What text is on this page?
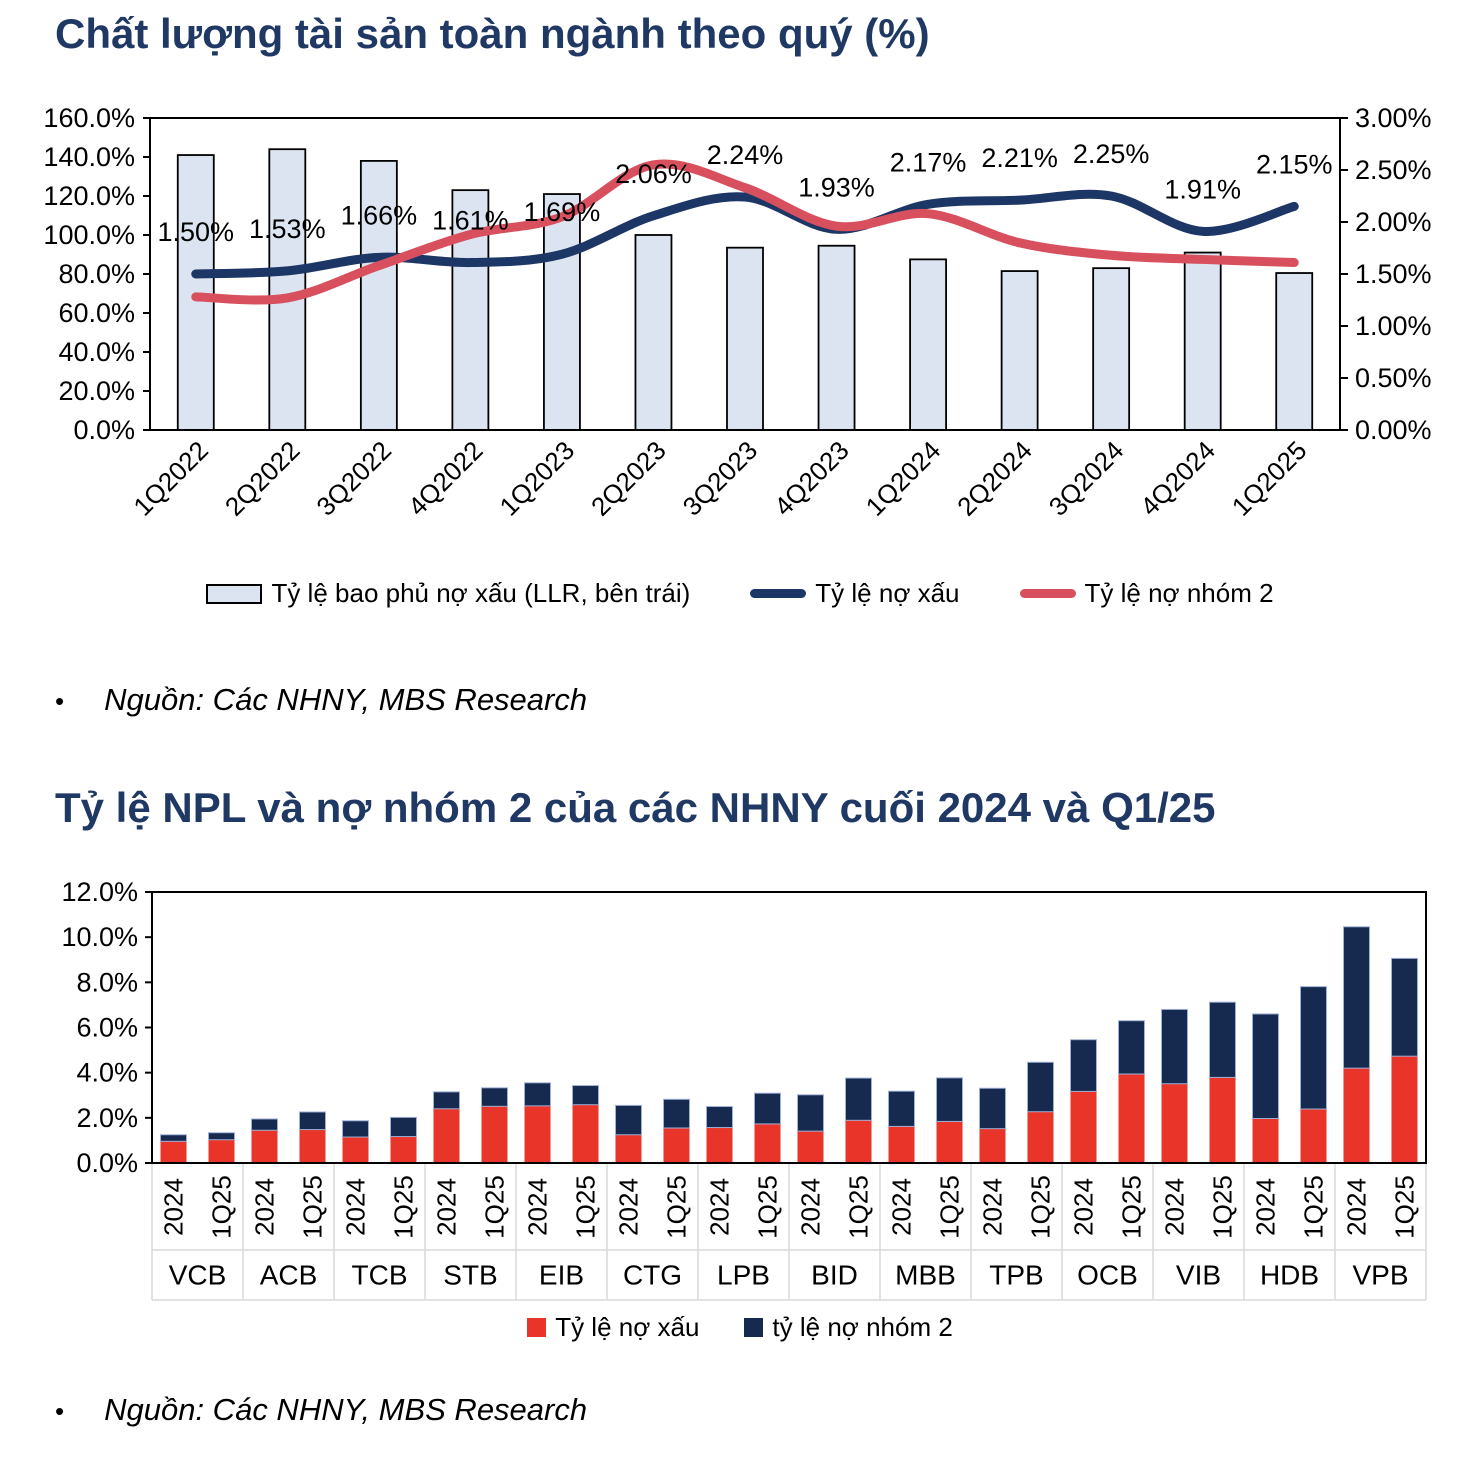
Chất lượng tài sản toàn ngành theo quý (%)
0.0%
20.0%
40.0%
60.0%
80.0%
100.0%
120.0%
140.0%
160.0%
0.00%
0.50%
1.00%
1.50%
2.00%
2.50%
3.00%
1Q2022 2Q2022 3Q2022 4Q2022 1Q2023 2Q2023 3Q2023 4Q2023 1Q2024 2Q2024 3Q2024 4Q2024 1Q2025
1.50% 1.53% 1.66% 1.61% 1.69%
2.06%
2.24%
1.93%
2.17% 2.21% 2.25%
1.91%
2.15%
0.0%
2.0%
4.0%
6.0%
8.0%
10.0%
12.0%
2024 1Q25
VCB
2024 1Q25
ACB
2024 1Q25
TCB
2024 1Q25
STB
2024 1Q25
EIB
2024 1Q25
CTG
2024 1Q25
LPB
2024 1Q25
BID
2024 1Q25
MBB
2024 1Q25
TPB
2024 1Q25
OCB
2024 1Q25
VIB
2024 1Q25
HDB
2024 1Q25
VPB
Tỷ lệ bao phủ nợ xấu (LLR, bên trái)	Tỷ lệ nợ xấu	Tỷ lệ nợ nhóm 2
• Nguồn: Các NHNY, MBS Research
Tỷ lệ NPL và nợ nhóm 2 của các NHNY cuối 2024 và Q1/25
Tỷ lệ nợ xấu	tỷ lệ nợ nhóm 2
• Nguồn: Các NHNY, MBS Research
